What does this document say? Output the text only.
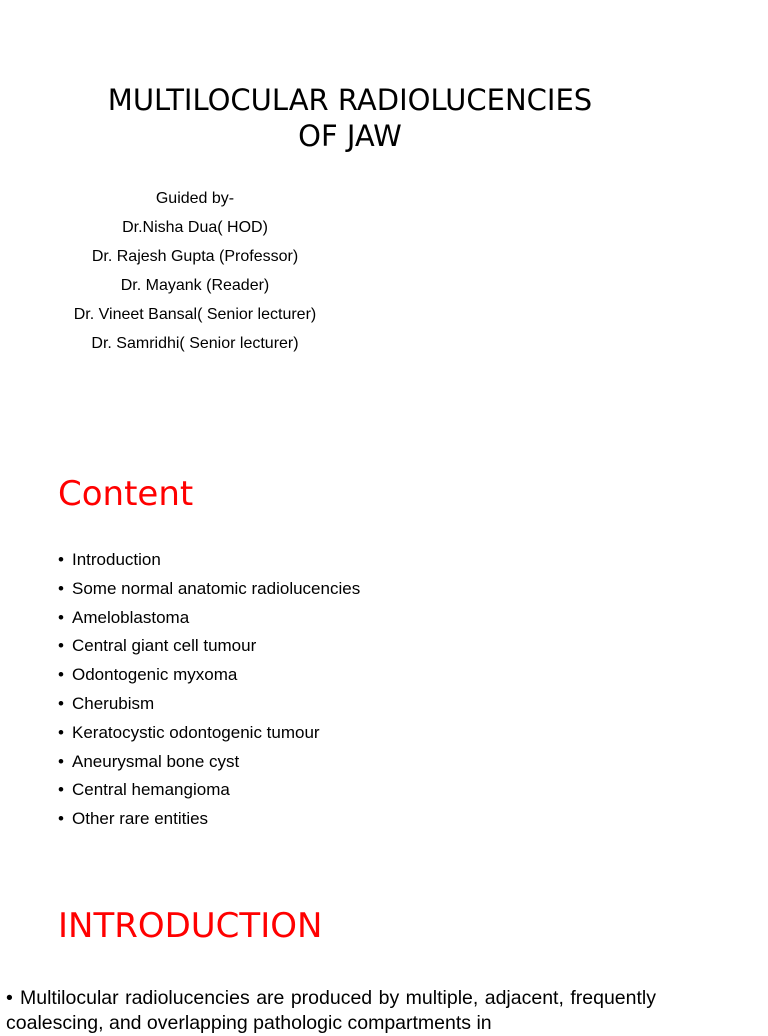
MULTILOCULAR RADIOLUCENCIES
OF JAW
Guided by-
Dr.Nisha Dua( HOD)
Dr. Rajesh Gupta (Professor)
Dr. Mayank (Reader)
Dr. Vineet Bansal( Senior lecturer)
Dr. Samridhi( Senior lecturer)
Content
• Introduction
• Some normal anatomic radiolucencies
• Ameloblastoma
• Central giant cell tumour
• Odontogenic myxoma
• Cherubism
• Keratocystic odontogenic tumour
• Aneurysmal bone cyst
• Central hemangioma
• Other rare entities
INTRODUCTION

• Multilocular radiolucencies are produced by multiple, adjacent, frequently coalescing, and overlapping pathologic compartments in
